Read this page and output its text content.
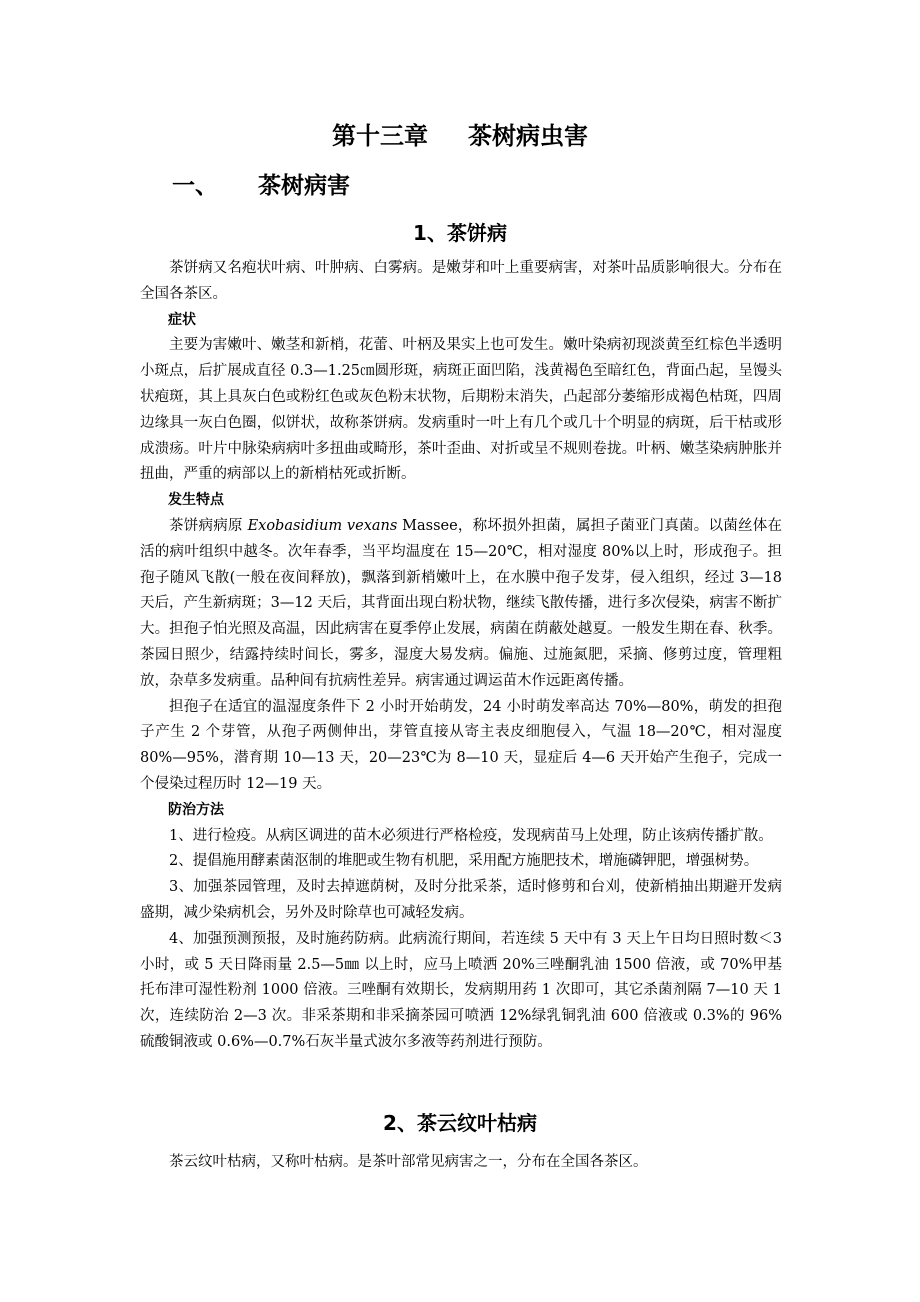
第十三章 茶树病虫害
一、 茶树病害
1、茶饼病

茶饼病又名疱状叶病、叶肿病、白雾病。是嫩芽和叶上重要病害，对茶叶品质影响很大。分布在全国各茶区。

症状

主要为害嫩叶、嫩茎和新梢，花蕾、叶柄及果实上也可发生。嫩叶染病初现淡黄至红棕色半透明小斑点，后扩展成直径 0.3—1.25㎝圆形斑，病斑正面凹陷，浅黄褐色至暗红色，背面凸起，呈馒头状疱斑，其上具灰白色或粉红色或灰色粉末状物，后期粉末消失，凸起部分萎缩形成褐色枯斑，四周边缘具一灰白色圈，似饼状，故称茶饼病。发病重时一叶上有几个或几十个明显的病斑，后干枯或形成溃疡。叶片中脉染病病叶多扭曲或畸形，茶叶歪曲、对折或呈不规则卷拢。叶柄、嫩茎染病肿胀并扭曲，严重的病部以上的新梢枯死或折断。

发生特点

茶饼病病原 Exobasidium vexans Massee，称坏损外担菌，属担子菌亚门真菌。以菌丝体在活的病叶组织中越冬。次年春季，当平均温度在 15—20℃，相对湿度 80%以上时，形成孢子。担孢子随风飞散(一般在夜间释放)，飘落到新梢嫩叶上，在水膜中孢子发芽，侵入组织，经过 3—18 天后，产生新病斑；3—12 天后，其背面出现白粉状物，继续飞散传播，进行多次侵染，病害不断扩大。担孢子怕光照及高温，因此病害在夏季停止发展，病菌在荫蔽处越夏。一般发生期在春、秋季。茶园日照少，结露持续时间长，雾多，湿度大易发病。偏施、过施氮肥，采摘、修剪过度，管理粗放，杂草多发病重。品种间有抗病性差异。病害通过调运苗木作远距离传播。

担孢子在适宜的温湿度条件下 2 小时开始萌发，24 小时萌发率高达 70%—80%，萌发的担孢子产生 2 个芽管，从孢子两侧伸出，芽管直接从寄主表皮细胞侵入，气温 18—20℃，相对湿度 80%—95%，潜育期 10—13 天，20—23℃为 8—10 天，显症后 4—6 天开始产生孢子，完成一个侵染过程历时 12—19 天。

防治方法

1、进行检疫。从病区调进的苗木必须进行严格检疫，发现病苗马上处理，防止该病传播扩散。

2、提倡施用酵素菌沤制的堆肥或生物有机肥，采用配方施肥技术，增施磷钾肥，增强树势。

3、加强茶园管理，及时去掉遮荫树，及时分批采茶，适时修剪和台刈，使新梢抽出期避开发病盛期，减少染病机会，另外及时除草也可减轻发病。

4、加强预测预报，及时施药防病。此病流行期间，若连续 5 天中有 3 天上午日均日照时数＜3 小时，或 5 天日降雨量 2.5—5㎜ 以上时，应马上喷洒 20%三唑酮乳油 1500 倍液，或 70%甲基托布津可湿性粉剂 1000 倍液。三唑酮有效期长，发病期用药 1 次即可，其它杀菌剂隔 7—10 天 1 次，连续防治 2—3 次。非采茶期和非采摘茶园可喷洒 12%绿乳铜乳油 600 倍液或 0.3%的 96%硫酸铜液或 0.6%—0.7%石灰半量式波尔多液等药剂进行预防。

2、茶云纹叶枯病

茶云纹叶枯病，又称叶枯病。是茶叶部常见病害之一，分布在全国各茶区。
